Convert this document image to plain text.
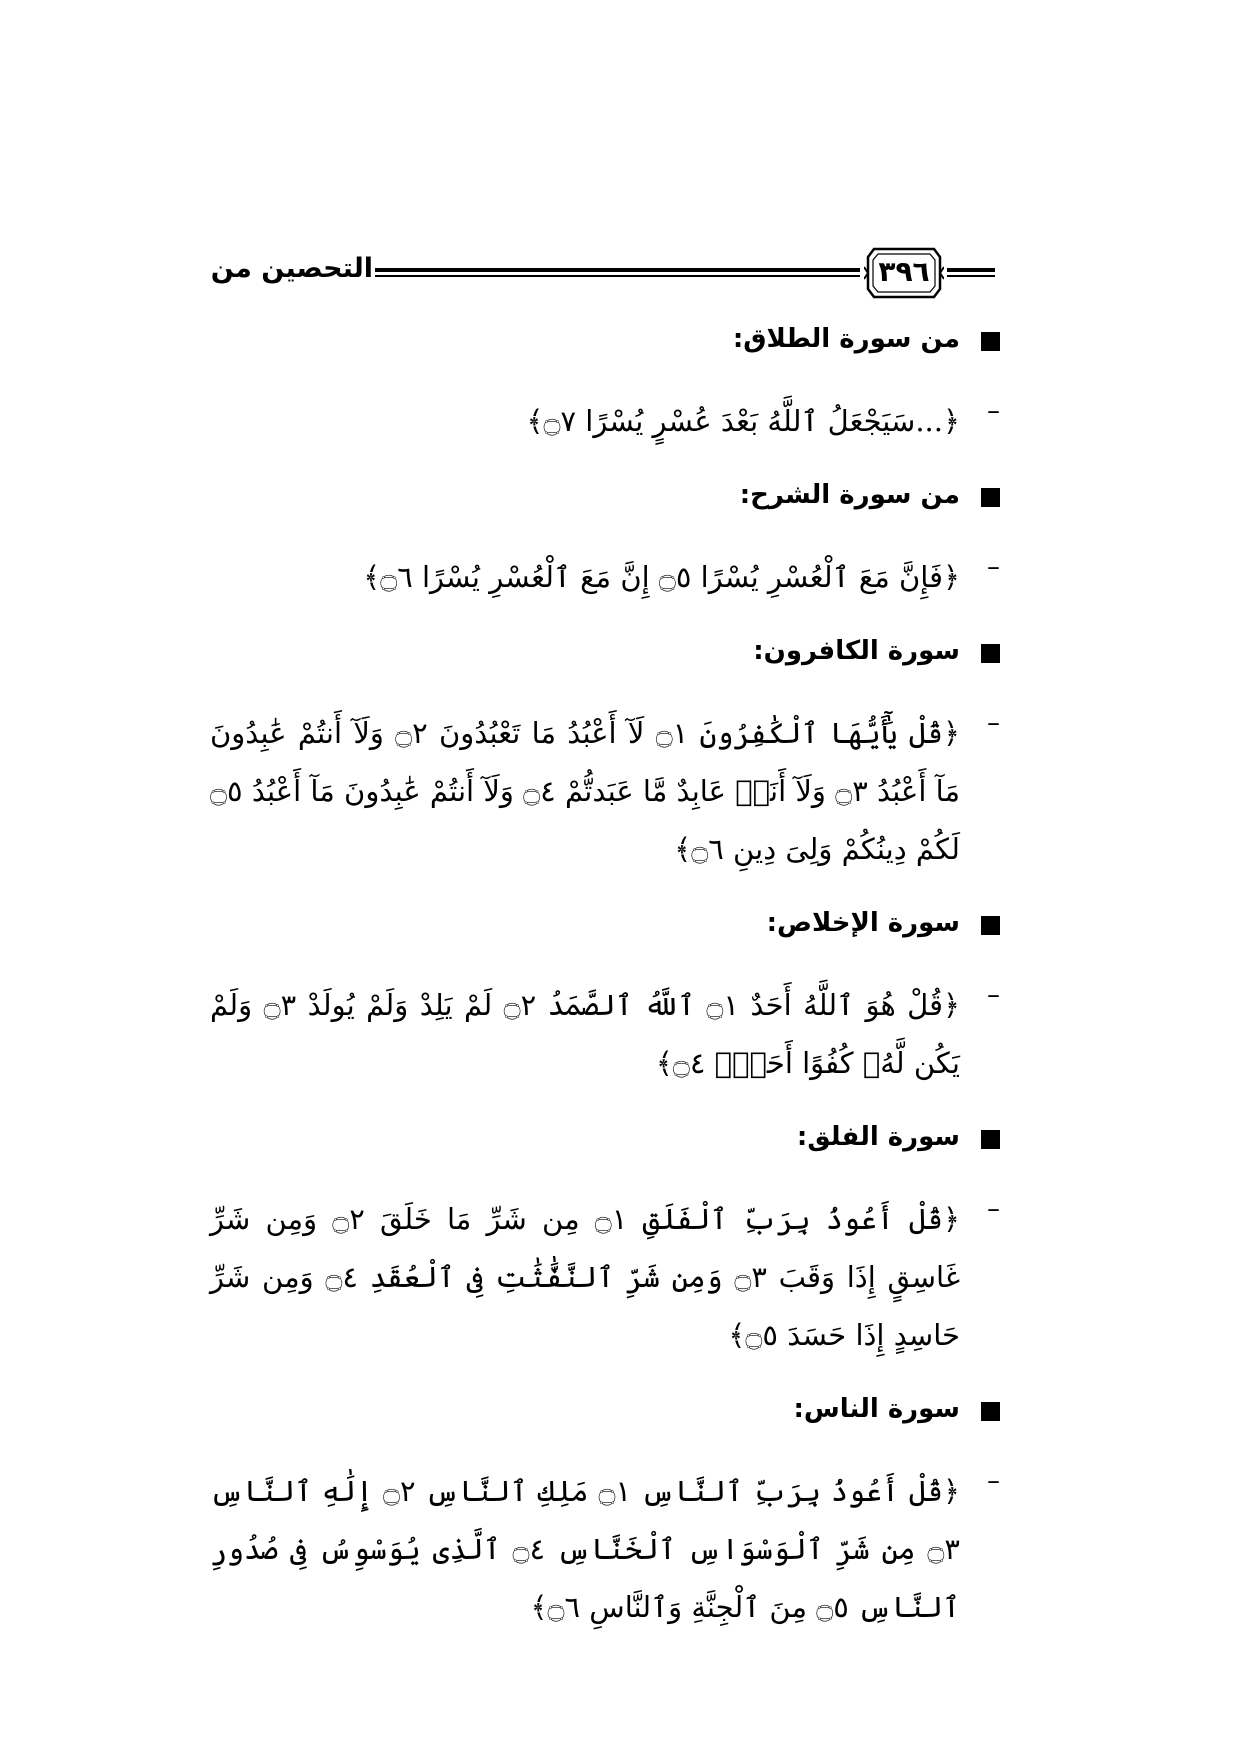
التحصين من	٣٩٦
من سورة الطلاق:
–
﴿...سَيَجْعَلُ ٱللَّهُ بَعْدَ عُسْرٍ يُسْرًا ۝٧﴾
من سورة الشرح:
–
﴿فَإِنَّ مَعَ ٱلْعُسْرِ يُسْرًا ۝٥ إِنَّ مَعَ ٱلْعُسْرِ يُسْرًا ۝٦﴾
سورة الكافرون:
–
﴿قُلْ يَٰٓأَيُّهَا ٱلْكَٰفِرُونَ ۝١ لَآ أَعْبُدُ مَا تَعْبُدُونَ ۝٢ وَلَآ أَنتُمْ عَٰبِدُونَ مَآ أَعْبُدُ ۝٣ وَلَآ أَنَا۠ عَابِدٌ مَّا عَبَدتُّمْ ۝٤ وَلَآ أَنتُمْ عَٰبِدُونَ مَآ أَعْبُدُ ۝٥ لَكُمْ دِينُكُمْ وَلِىَ دِينِ ۝٦﴾
سورة الإخلاص:
–
﴿قُلْ هُوَ ٱللَّهُ أَحَدٌ ۝١ ٱللَّهُ ٱلصَّمَدُ ۝٢ لَمْ يَلِدْ وَلَمْ يُولَدْ ۝٣ وَلَمْ يَكُن لَّهُۥ كُفُوًا أَحَدٌۢ ۝٤﴾
سورة الفلق:
–
﴿قُلْ أَعُوذُ بِرَبِّ ٱلْفَلَقِ ۝١ مِن شَرِّ مَا خَلَقَ ۝٢ وَمِن شَرِّ غَاسِقٍ إِذَا وَقَبَ ۝٣ وَمِن شَرِّ ٱلنَّفَّٰثَٰتِ فِى ٱلْعُقَدِ ۝٤ وَمِن شَرِّ حَاسِدٍ إِذَا حَسَدَ ۝٥﴾
سورة الناس:
–
﴿قُلْ أَعُوذُ بِرَبِّ ٱلنَّاسِ ۝١ مَلِكِ ٱلنَّاسِ ۝٢ إِلَٰهِ ٱلنَّاسِ ۝٣ مِن شَرِّ ٱلْوَسْوَاسِ ٱلْخَنَّاسِ ۝٤ ٱلَّذِى يُوَسْوِسُ فِى صُدُورِ ٱلنَّاسِ ۝٥ مِنَ ٱلْجِنَّةِ وَٱلنَّاسِ ۝٦﴾
